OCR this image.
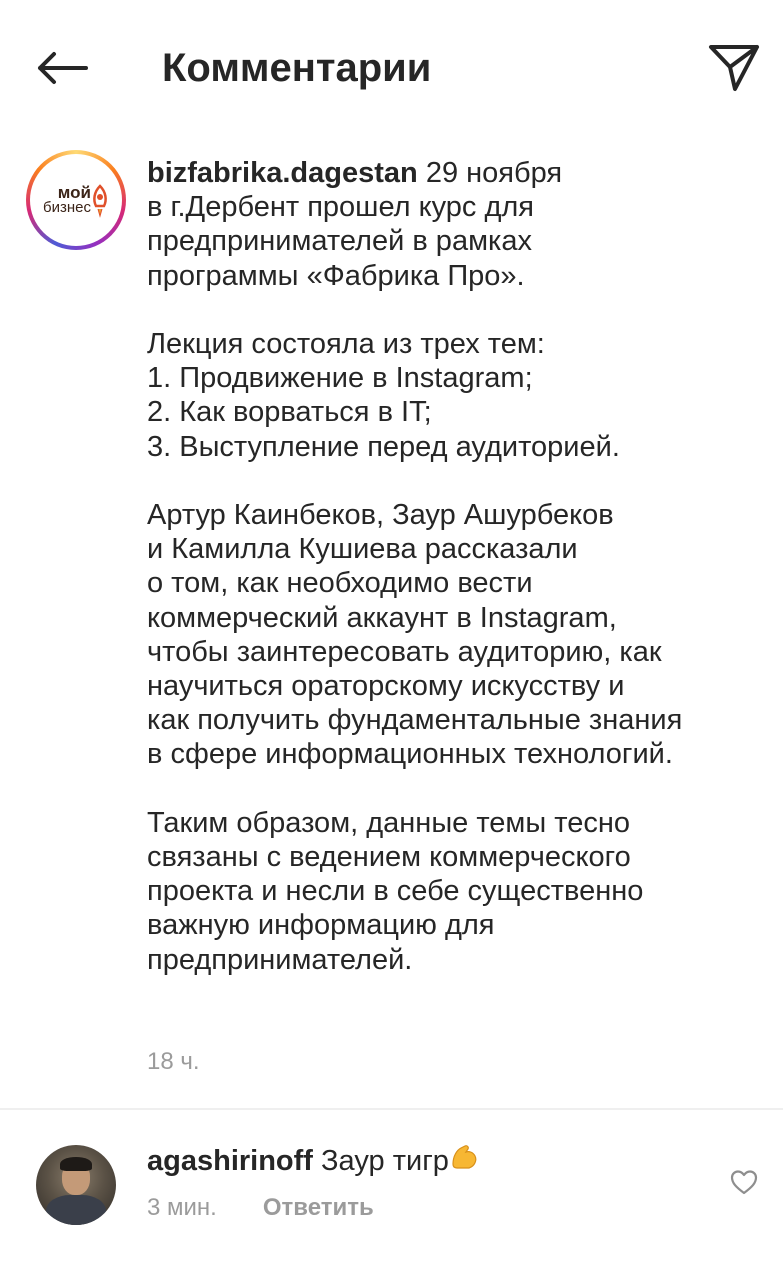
Комментарии
мой
бизнес
bizfabrika.dagestan 29 ноября
в г.Дербент прошел курс для
предпринимателей в рамках
программы «Фабрика Про».

Лекция состояла из трех тем:
1. Продвижение в Instagram;
2. Как ворваться в IT;
3. Выступление перед аудиторией.

Артур Каинбеков, Заур Ашурбеков
и Камилла Кушиева рассказали
о том, как необходимо вести
коммерческий аккаунт в Instagram,
чтобы заинтересовать аудиторию, как
научиться ораторскому искусству и
как получить фундаментальные знания
в сфере информационных технологий.

Таким образом, данные темы тесно
связаны с ведением коммерческого
проекта и несли в себе существенно
важную информацию для
предпринимателей.
18 ч.
agashirinoff Заур тигр
3 мин. Ответить
